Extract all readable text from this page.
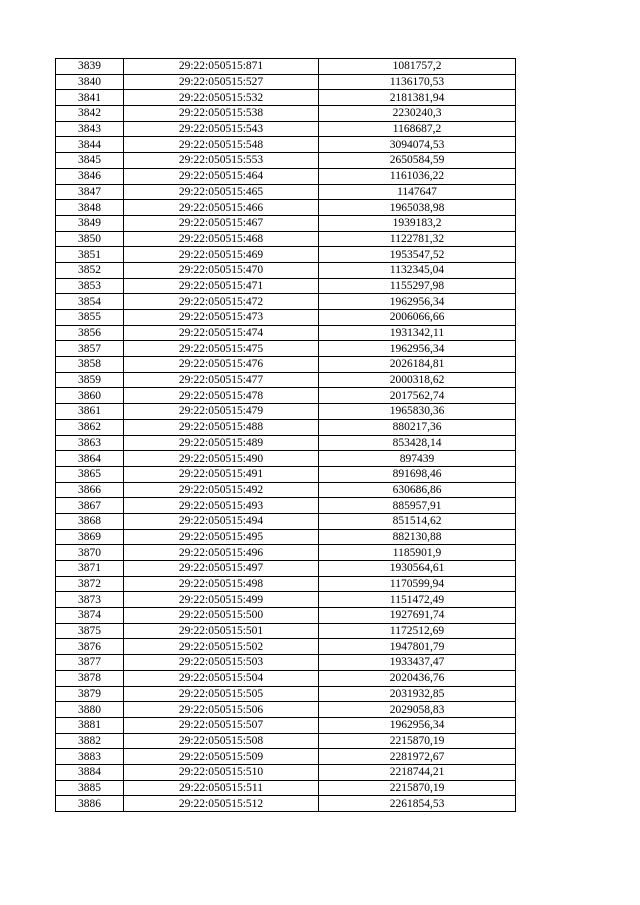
3839	29:22:050515:871	1081757,2
3840	29:22:050515:527	1136170,53
3841	29:22:050515:532	2181381,94
3842	29:22:050515:538	2230240,3
3843	29:22:050515:543	1168687,2
3844	29:22:050515:548	3094074,53
3845	29:22:050515:553	2650584,59
3846	29:22:050515:464	1161036,22
3847	29:22:050515:465	1147647
3848	29:22:050515:466	1965038,98
3849	29:22:050515:467	1939183,2
3850	29:22:050515:468	1122781,32
3851	29:22:050515:469	1953547,52
3852	29:22:050515:470	1132345,04
3853	29:22:050515:471	1155297,98
3854	29:22:050515:472	1962956,34
3855	29:22:050515:473	2006066,66
3856	29:22:050515:474	1931342,11
3857	29:22:050515:475	1962956,34
3858	29:22:050515:476	2026184,81
3859	29:22:050515:477	2000318,62
3860	29:22:050515:478	2017562,74
3861	29:22:050515:479	1965830,36
3862	29:22:050515:488	880217,36
3863	29:22:050515:489	853428,14
3864	29:22:050515:490	897439
3865	29:22:050515:491	891698,46
3866	29:22:050515:492	630686,86
3867	29:22:050515:493	885957,91
3868	29:22:050515:494	851514,62
3869	29:22:050515:495	882130,88
3870	29:22:050515:496	1185901,9
3871	29:22:050515:497	1930564,61
3872	29:22:050515:498	1170599,94
3873	29:22:050515:499	1151472,49
3874	29:22:050515:500	1927691,74
3875	29:22:050515:501	1172512,69
3876	29:22:050515:502	1947801,79
3877	29:22:050515:503	1933437,47
3878	29:22:050515:504	2020436,76
3879	29:22:050515:505	2031932,85
3880	29:22:050515:506	2029058,83
3881	29:22:050515:507	1962956,34
3882	29:22:050515:508	2215870,19
3883	29:22:050515:509	2281972,67
3884	29:22:050515:510	2218744,21
3885	29:22:050515:511	2215870,19
3886	29:22:050515:512	2261854,53
